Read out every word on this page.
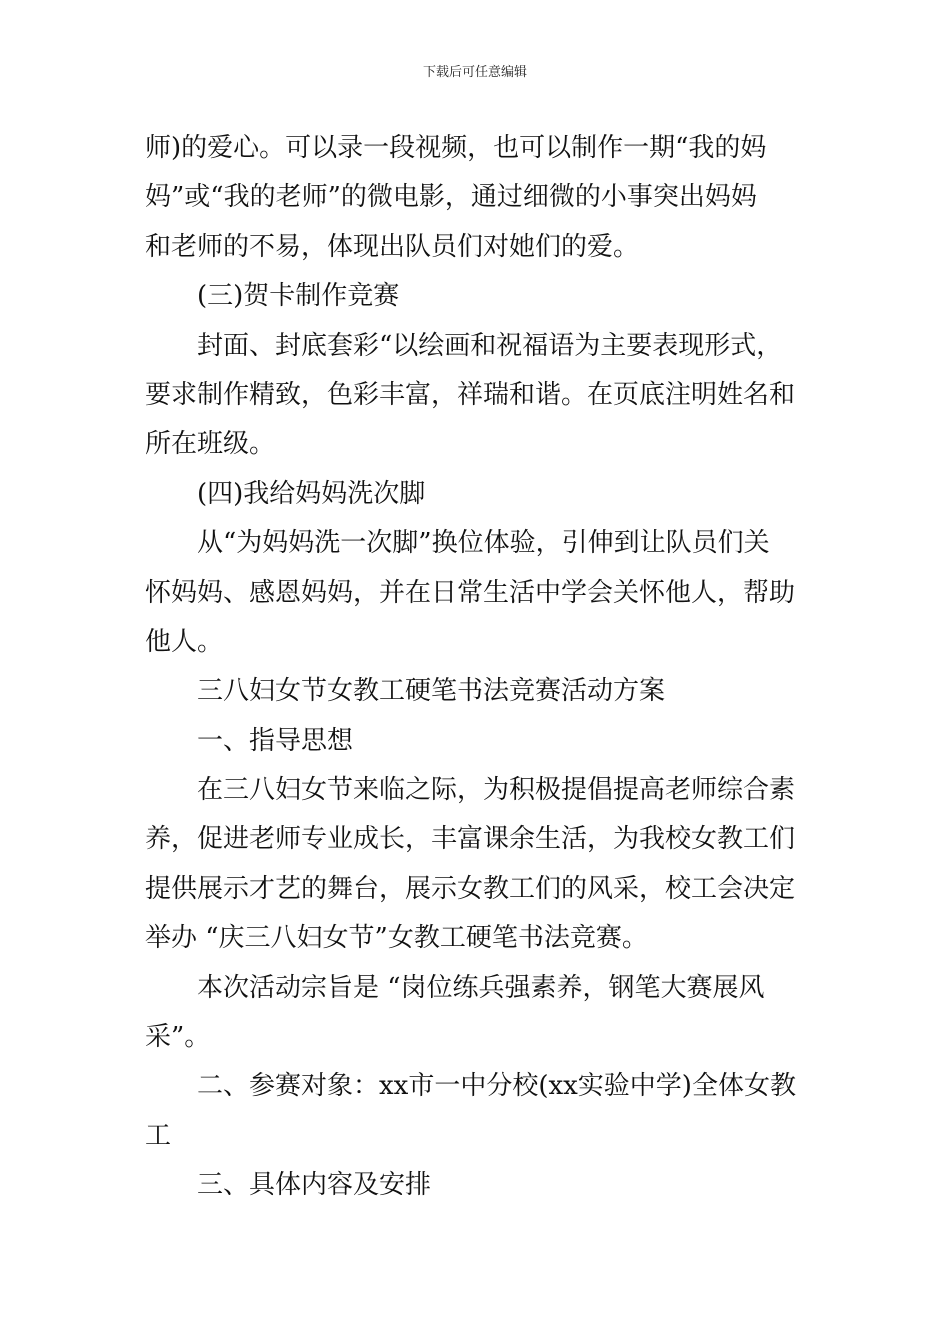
下载后可任意编辑
师)的爱心。可以录一段视频，也可以制作一期“我的妈
妈”或“我的老师”的微电影，通过细微的小事突出妈妈
和老师的不易，体现出队员们对她们的爱。
(三)贺卡制作竞赛
封面、封底套彩“以绘画和祝福语为主要表现形式，
要求制作精致，色彩丰富，祥瑞和谐。在页底注明姓名和
所在班级。
(四)我给妈妈洗次脚
从“为妈妈洗一次脚”换位体验，引伸到让队员们关
怀妈妈、感恩妈妈，并在日常生活中学会关怀他人，帮助
他人。
三八妇女节女教工硬笔书法竞赛活动方案
一、指导思想
在三八妇女节来临之际，为积极提倡提高老师综合素
养，促进老师专业成长，丰富课余生活，为我校女教工们
提供展示才艺的舞台，展示女教工们的风采，校工会决定
举办 “庆三八妇女节”女教工硬笔书法竞赛。
本次活动宗旨是 “岗位练兵强素养，钢笔大赛展风
采”。
二、参赛对象：xx市一中分校(xx实验中学)全体女教
工
三、具体内容及安排
